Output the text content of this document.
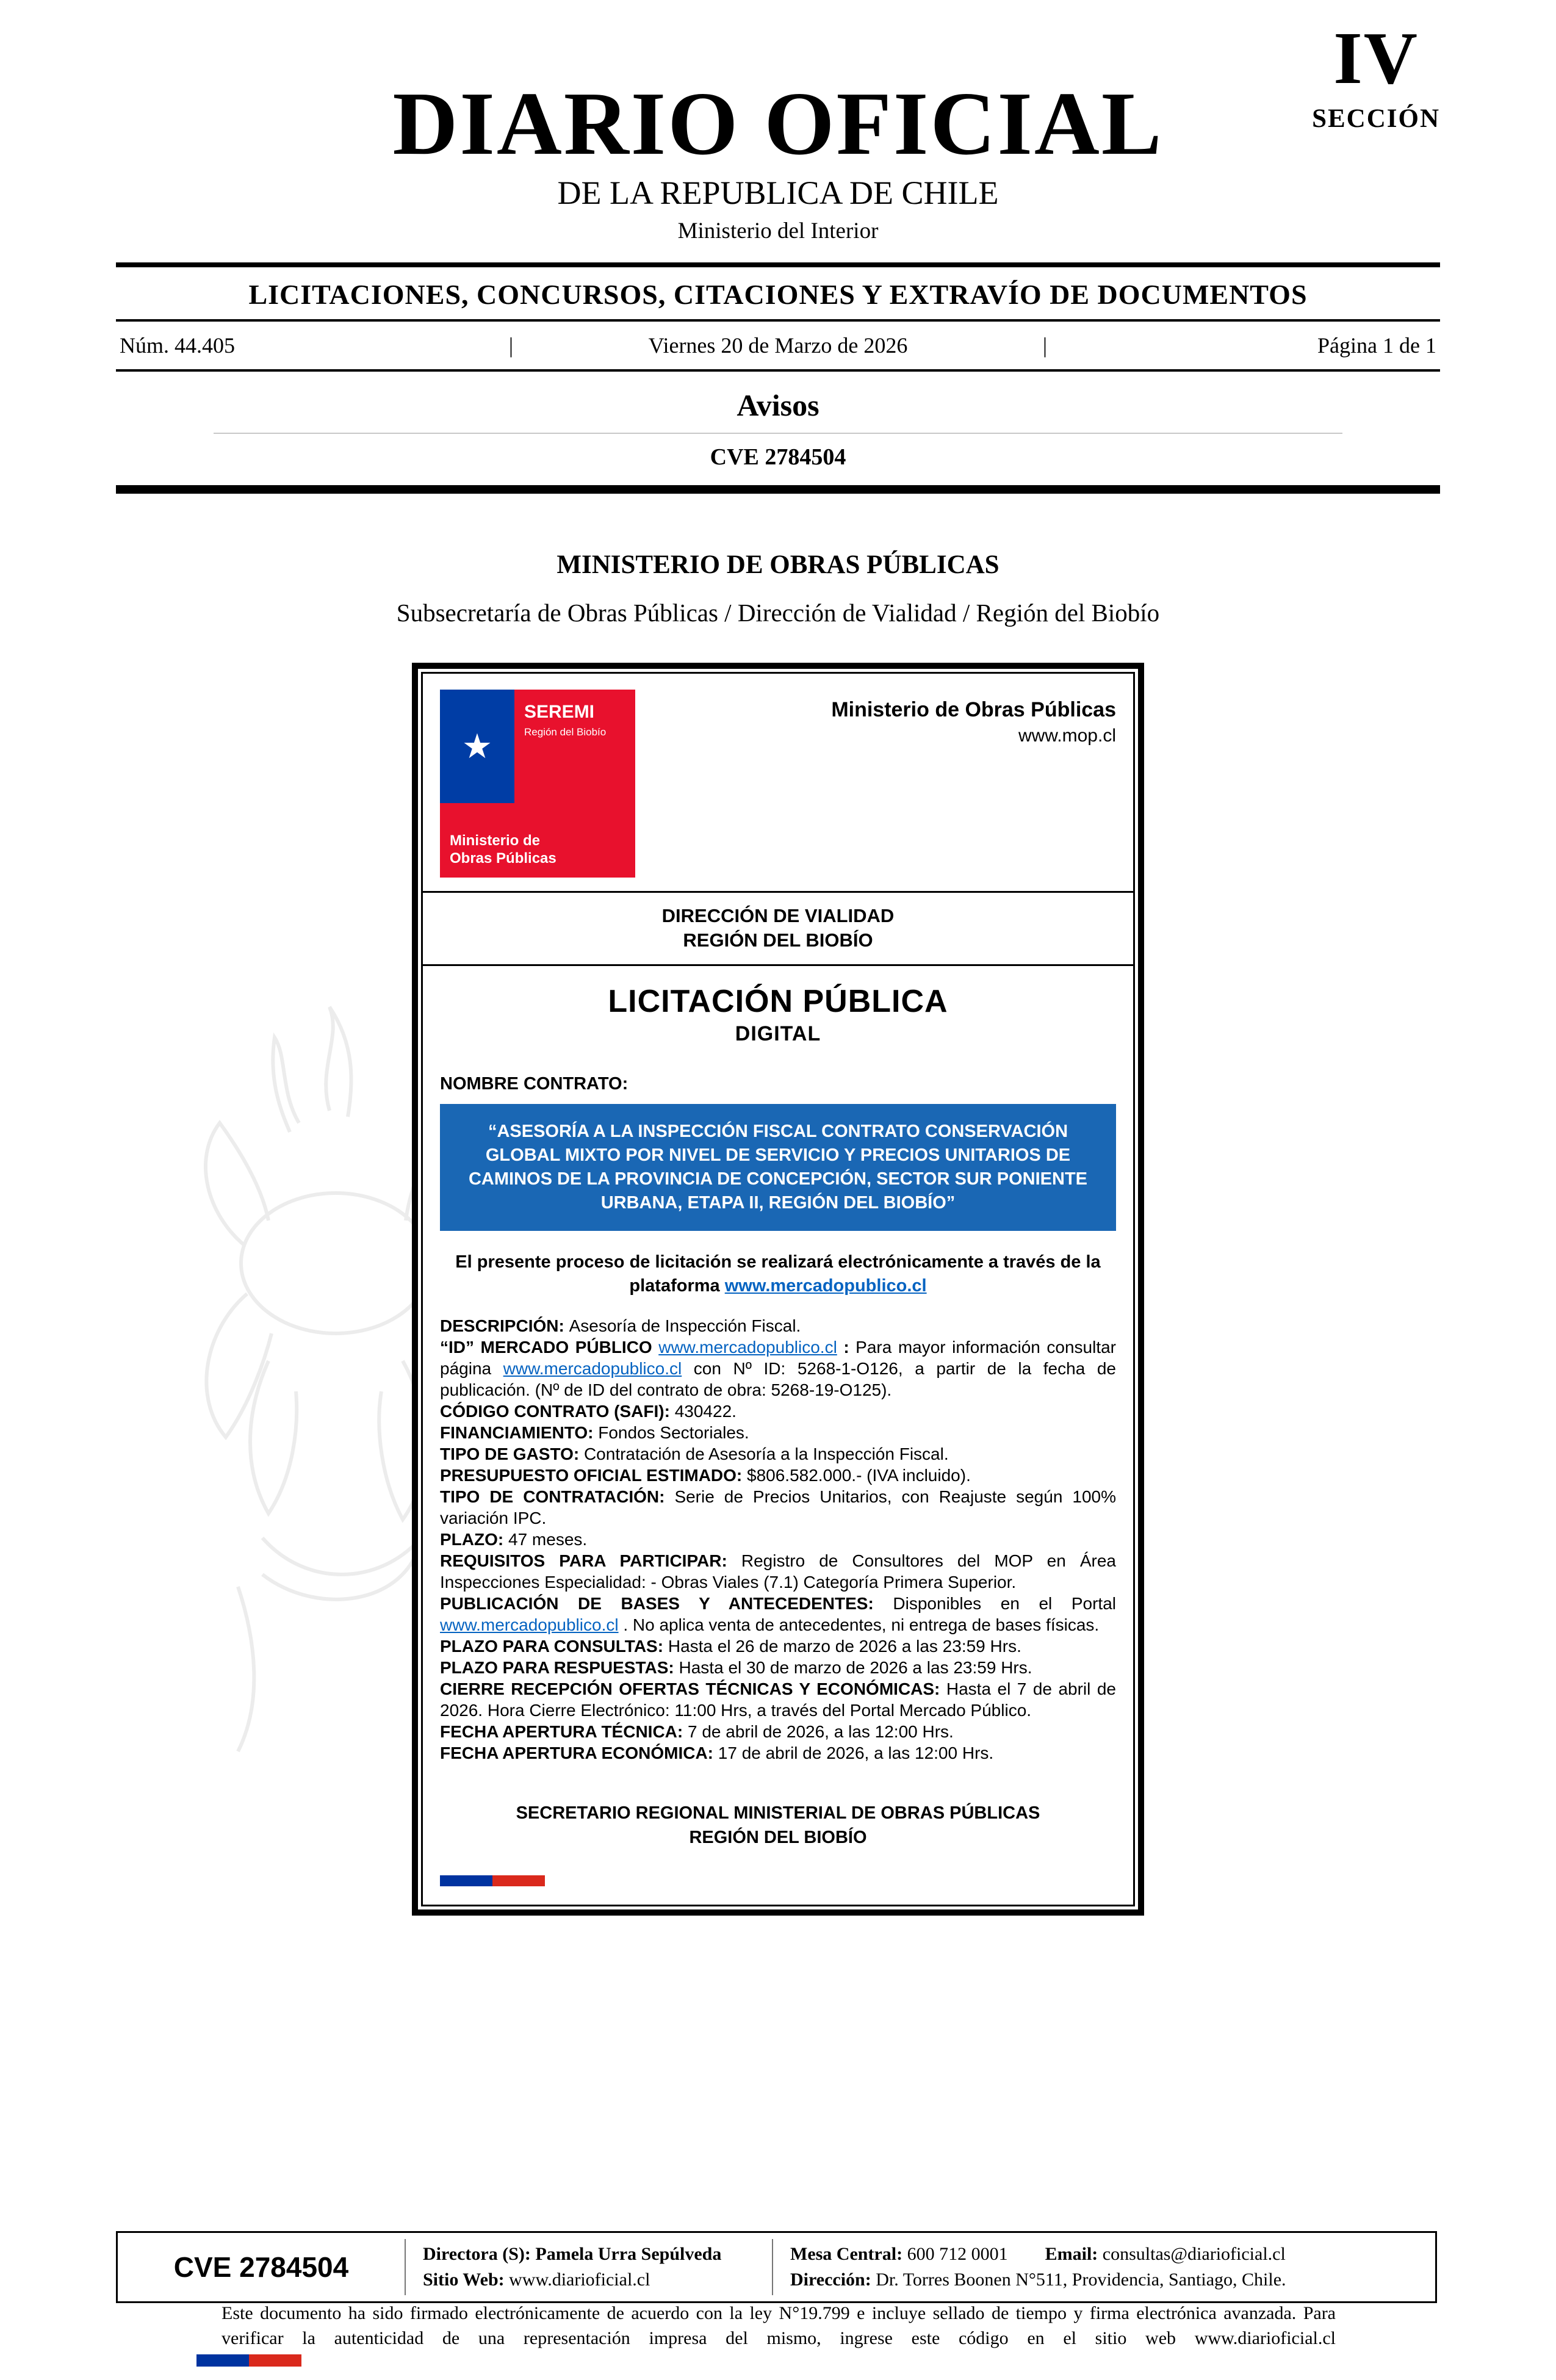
DIARIO OFICIAL
DE LA REPUBLICA DE CHILE
Ministerio del Interior
IV
SECCIÓN
LICITACIONES, CONCURSOS, CITACIONES Y EXTRAVÍO DE DOCUMENTOS
Núm. 44.405	|	Viernes 20 de Marzo de 2026	|	Página 1 de 1
Avisos
CVE 2784504
MINISTERIO DE OBRAS PÚBLICAS
Subsecretaría de Obras Públicas / Dirección de Vialidad / Región del Biobío
★
SEREMI
Región del Biobío
Ministerio de
Obras Públicas
Ministerio de Obras Públicas
www.mop.cl
DIRECCIÓN DE VIALIDAD
REGIÓN DEL BIOBÍO
LICITACIÓN PÚBLICA
DIGITAL
NOMBRE CONTRATO:
“ASESORÍA A LA INSPECCIÓN FISCAL CONTRATO CONSERVACIÓN GLOBAL MIXTO POR NIVEL DE SERVICIO Y PRECIOS UNITARIOS DE CAMINOS DE LA PROVINCIA DE CONCEPCIÓN, SECTOR SUR PONIENTE URBANA, ETAPA II, REGIÓN DEL BIOBÍO”
El presente proceso de licitación se realizará electrónicamente a través de la plataforma www.mercadopublico.cl

DESCRIPCIÓN: Asesoría de Inspección Fiscal.

“ID” MERCADO PÚBLICO www.mercadopublico.cl : Para mayor información consultar página www.mercadopublico.cl con Nº ID: 5268-1-O126, a partir de la fecha de publicación. (Nº de ID del contrato de obra: 5268-19-O125).

CÓDIGO CONTRATO (SAFI): 430422.

FINANCIAMIENTO: Fondos Sectoriales.

TIPO DE GASTO: Contratación de Asesoría a la Inspección Fiscal.

PRESUPUESTO OFICIAL ESTIMADO: $806.582.000.- (IVA incluido).

TIPO DE CONTRATACIÓN: Serie de Precios Unitarios, con Reajuste según 100% variación IPC.

PLAZO: 47 meses.

REQUISITOS PARA PARTICIPAR: Registro de Consultores del MOP en Área Inspecciones Especialidad: - Obras Viales (7.1) Categoría Primera Superior.

PUBLICACIÓN DE BASES Y ANTECEDENTES: Disponibles en el Portal www.mercadopublico.cl . No aplica venta de antecedentes, ni entrega de bases físicas.

PLAZO PARA CONSULTAS: Hasta el 26 de marzo de 2026 a las 23:59 Hrs.

PLAZO PARA RESPUESTAS: Hasta el 30 de marzo de 2026 a las 23:59 Hrs.

CIERRE RECEPCIÓN OFERTAS TÉCNICAS Y ECONÓMICAS: Hasta el 7 de abril de 2026. Hora Cierre Electrónico: 11:00 Hrs, a través del Portal Mercado Público.

FECHA APERTURA TÉCNICA: 7 de abril de 2026, a las 12:00 Hrs.

FECHA APERTURA ECONÓMICA: 17 de abril de 2026, a las 12:00 Hrs.

SECRETARIO REGIONAL MINISTERIAL DE OBRAS PÚBLICAS
REGIÓN DEL BIOBÍO
CVE 2784504	Directora (S): Pamela Urra Sepúlveda
Sitio Web: www.diarioficial.cl
Mesa Central: 600 712 0001 Email: consultas@diarioficial.cl
Dirección: Dr. Torres Boonen N°511, Providencia, Santiago, Chile.
Este documento ha sido firmado electrónicamente de acuerdo con la ley N°19.799 e incluye sellado de tiempo y firma electrónica avanzada. Para verificar la autenticidad de una representación impresa del mismo, ingrese este código en el sitio web www.diarioficial.cl
